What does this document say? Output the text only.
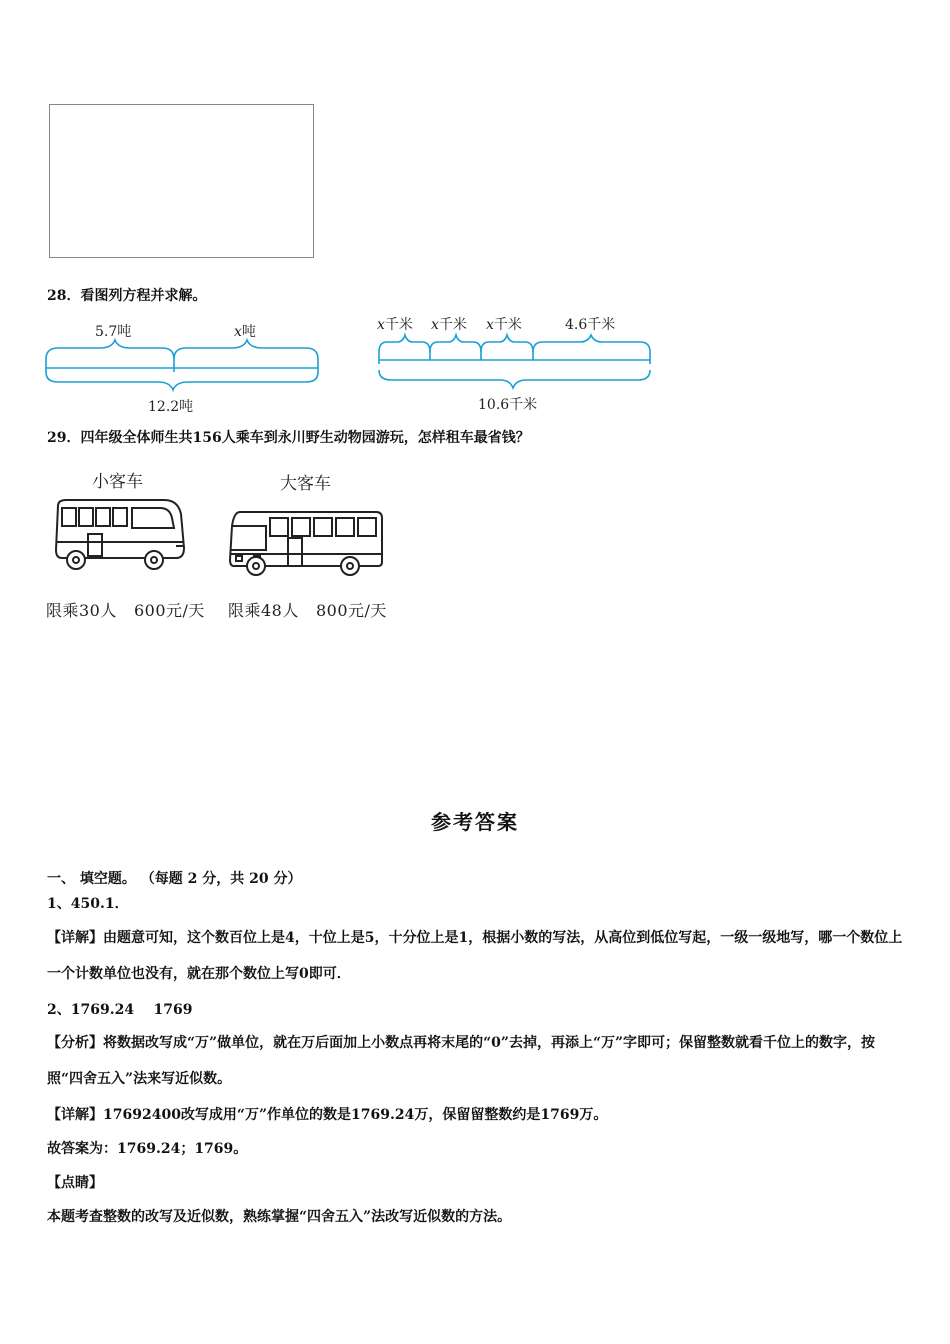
28．看图列方程并求解。
5.7吨	x吨
12.2吨
x千米 x千米 x千米	4.6千米
10.6千米
29．四年级全体师生共156人乘车到永川野生动物园游玩，怎样租车最省钱？
小客车	大客车
限乘30人 600元/天 限乘48人 800元/天
参考答案
一、 填空题。 （每题 2 分，共 20 分）
1、450.1．
【详解】由题意可知，这个数百位上是4，十位上是5，十分位上是1，根据小数的写法，从高位到低位写起，一级一级地写，哪一个数位上一个计数单位也没有，就在那个数位上写0即可．
2、1769.24    1769
【分析】将数据改写成“万”做单位，就在万后面加上小数点再将末尾的“0”去掉，再添上“万”字即可；保留整数就看千位上的数字，按照“四舍五入”法来写近似数。
【详解】17692400改写成用“万”作单位的数是1769.24万，保留留整数约是1769万。
故答案为：1769.24；1769。
【点睛】
本题考查整数的改写及近似数，熟练掌握“四舍五入”法改写近似数的方法。
